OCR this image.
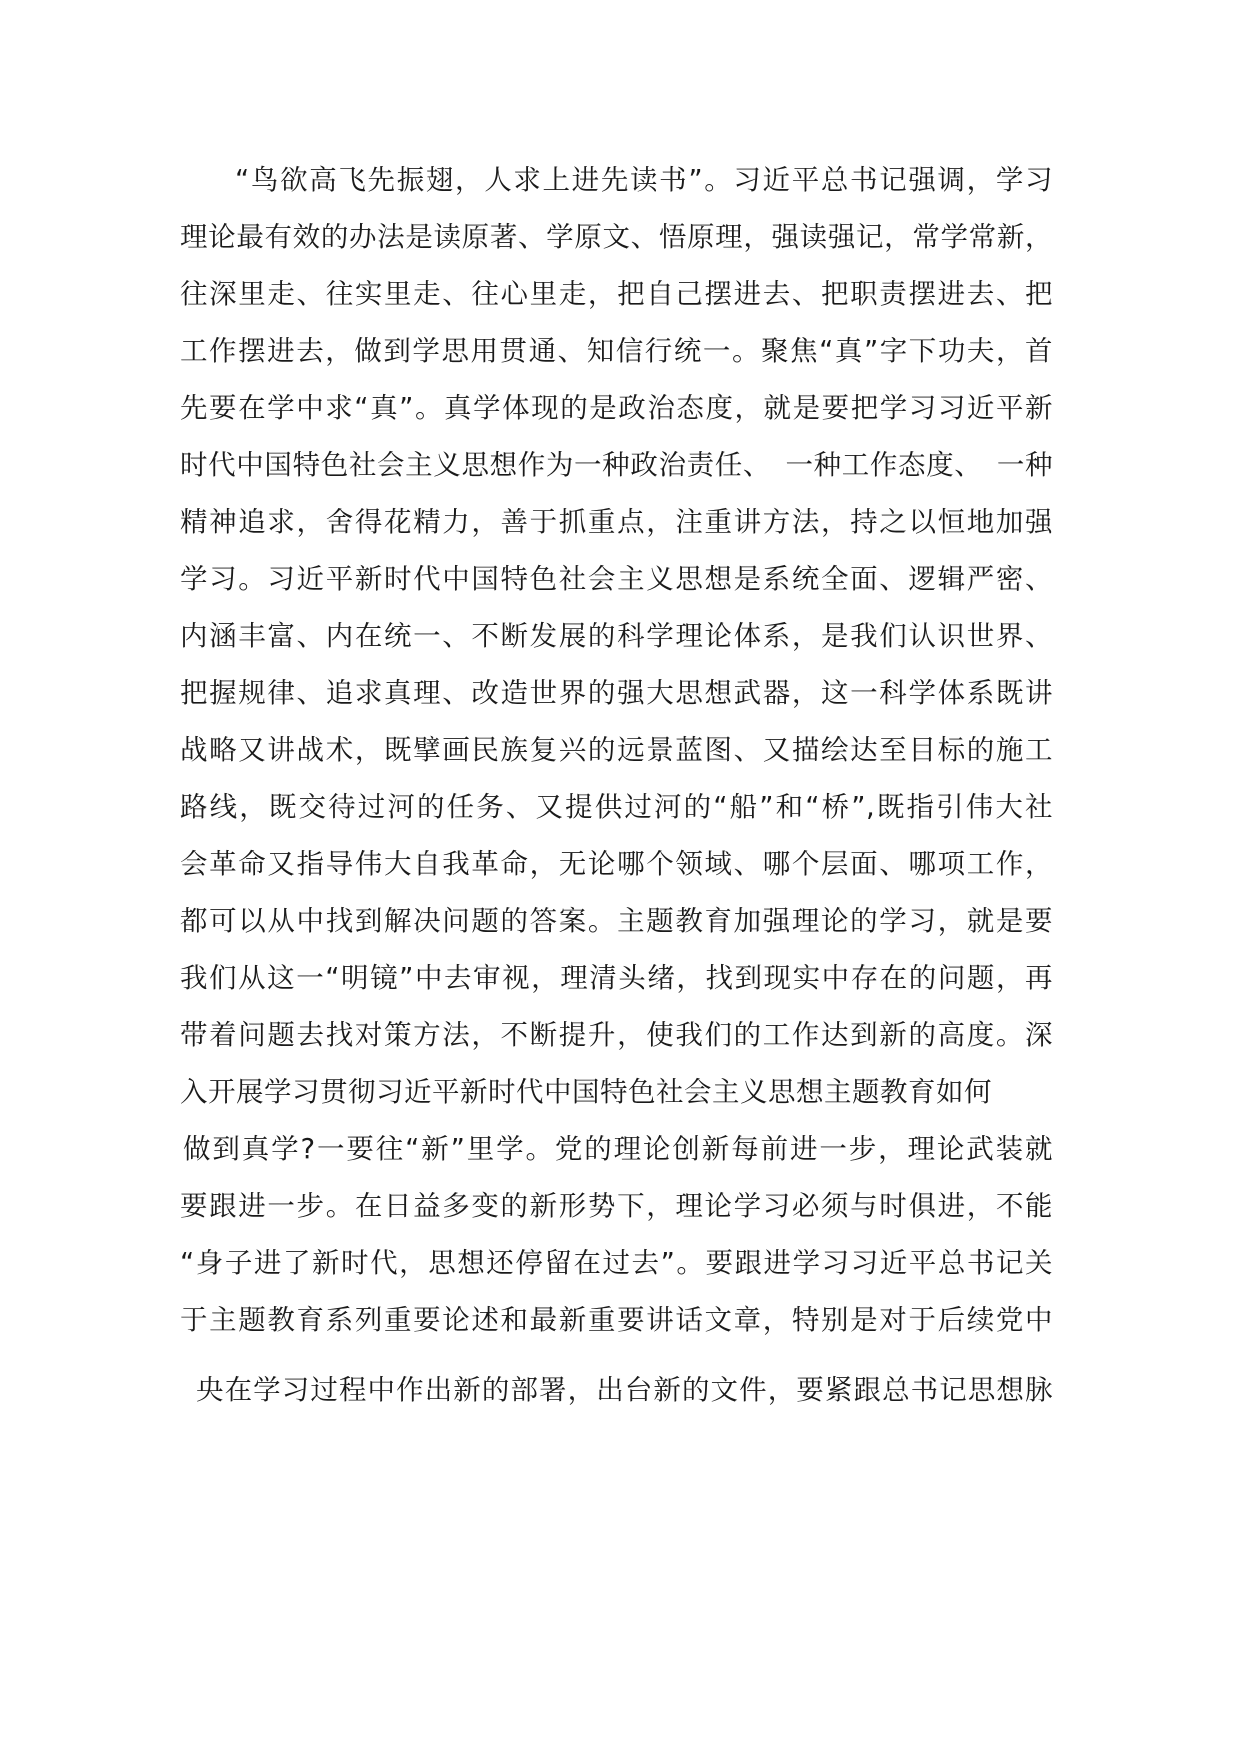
“鸟欲高飞先振翅，人求上进先读书”。习近平总书记强调，学习

理论最有效的办法是读原著、学原文、悟原理，强读强记，常学常新，

往深里走、往实里走、往心里走，把自己摆进去、把职责摆进去、把

工作摆进去，做到学思用贯通、知信行统一。聚焦“真”字下功夫，首

先要在学中求“真”。真学体现的是政治态度，就是要把学习习近平新

时代中国特色社会主义思想作为一种政治责任、　一种工作态度、　一种

精神追求，舍得花精力，善于抓重点，注重讲方法，持之以恒地加强

学习。习近平新时代中国特色社会主义思想是系统全面、逻辑严密、

内涵丰富、内在统一、不断发展的科学理论体系，是我们认识世界、

把握规律、追求真理、改造世界的强大思想武器，这一科学体系既讲

战略又讲战术，既擘画民族复兴的远景蓝图、又描绘达至目标的施工

路线，既交待过河的任务、又提供过河的“船”和“桥”,既指引伟大社

会革命又指导伟大自我革命，无论哪个领域、哪个层面、哪项工作，

都可以从中找到解决问题的答案。主题教育加强理论的学习，就是要

我们从这一“明镜”中去审视，理清头绪，找到现实中存在的问题，再

带着问题去找对策方法，不断提升，使我们的工作达到新的高度。深

入开展学习贯彻习近平新时代中国特色社会主义思想主题教育如何

做到真学?一要往“新”里学。党的理论创新每前进一步，理论武装就

要跟进一步。在日益多变的新形势下，理论学习必须与时俱进，不能

“身子进了新时代，思想还停留在过去”。要跟进学习习近平总书记关

于主题教育系列重要论述和最新重要讲话文章，特别是对于后续党中

央在学习过程中作出新的部署，出台新的文件，要紧跟总书记思想脉
